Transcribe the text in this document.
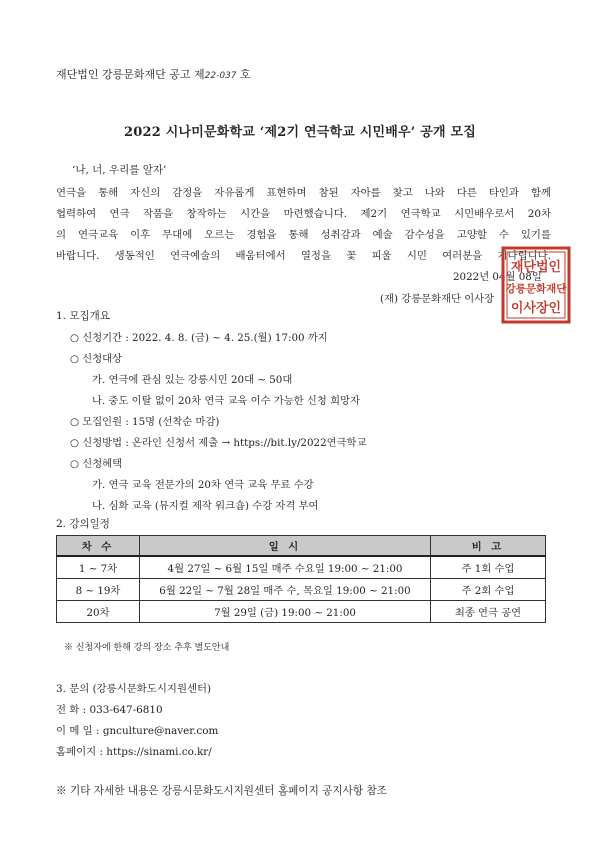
재단법인 강릉문화재단 공고 제22-037 호
2022 시나미문화학교 ‘제2기 연극학교 시민배우’ 공개 모집
‘나, 너, 우리를 알자’
연극을 통해 자신의 감정을 자유롭게 표현하며 참된 자아를 찾고 나와 다른 타인과 함께
협력하여 연극 작품을 창작하는 시간을 마련했습니다. 제2기 연극학교 시민배우로서 20차
의 연극교육 이후 무대에 오르는 경험을 통해 성취감과 예술 감수성을 고양할 수 있기를
바랍니다. 생동적인 연극예술의 배움터에서 열정을 꽃 피울 시민 여러분을 기다립니다.
2022년 04월 08일
(재) 강릉문화재단 이사장
재단법인
강릉문화재단
이사장인
1. 모집개요
○ 신청기간 : 2022. 4. 8. (금) ~ 4. 25.(월) 17:00 까지
○ 신청대상
가. 연극에 관심 있는 강릉시민 20대 ~ 50대
나. 중도 이탈 없이 20차 연극 교육 이수 가능한 신청 희망자
○ 모집인원 : 15명 (선착순 마감)
○ 신청방법 : 온라인 신청서 제출 → https://bit.ly/2022연극학교
○ 신청혜택
가. 연극 교육 전문가의 20차 연극 교육 무료 수강
나. 심화 교육 (뮤지컬 제작 워크숍) 수강 자격 부여
2. 강의일정
차 수	일 시	비 고
1 ~ 7차	4월 27일 ~ 6월 15일 매주 수요일 19:00 ~ 21:00	주 1회 수업
8 ~ 19차	6월 22일 ~ 7월 28일 매주 수, 목요일 19:00 ~ 21:00	주 2회 수업
20차	7월 29일 (금) 19:00 ~ 21:00	최종 연극 공연
※ 신청자에 한해 강의 장소 추후 별도안내
3. 문의 (강릉시문화도시지원센터)
전 화 : 033-647-6810
이 메 일 : gnculture@naver.com
홈페이지 : https://sinami.co.kr/
※ 기타 자세한 내용은 강릉시문화도시지원센터 홈페이지 공지사항 참조
